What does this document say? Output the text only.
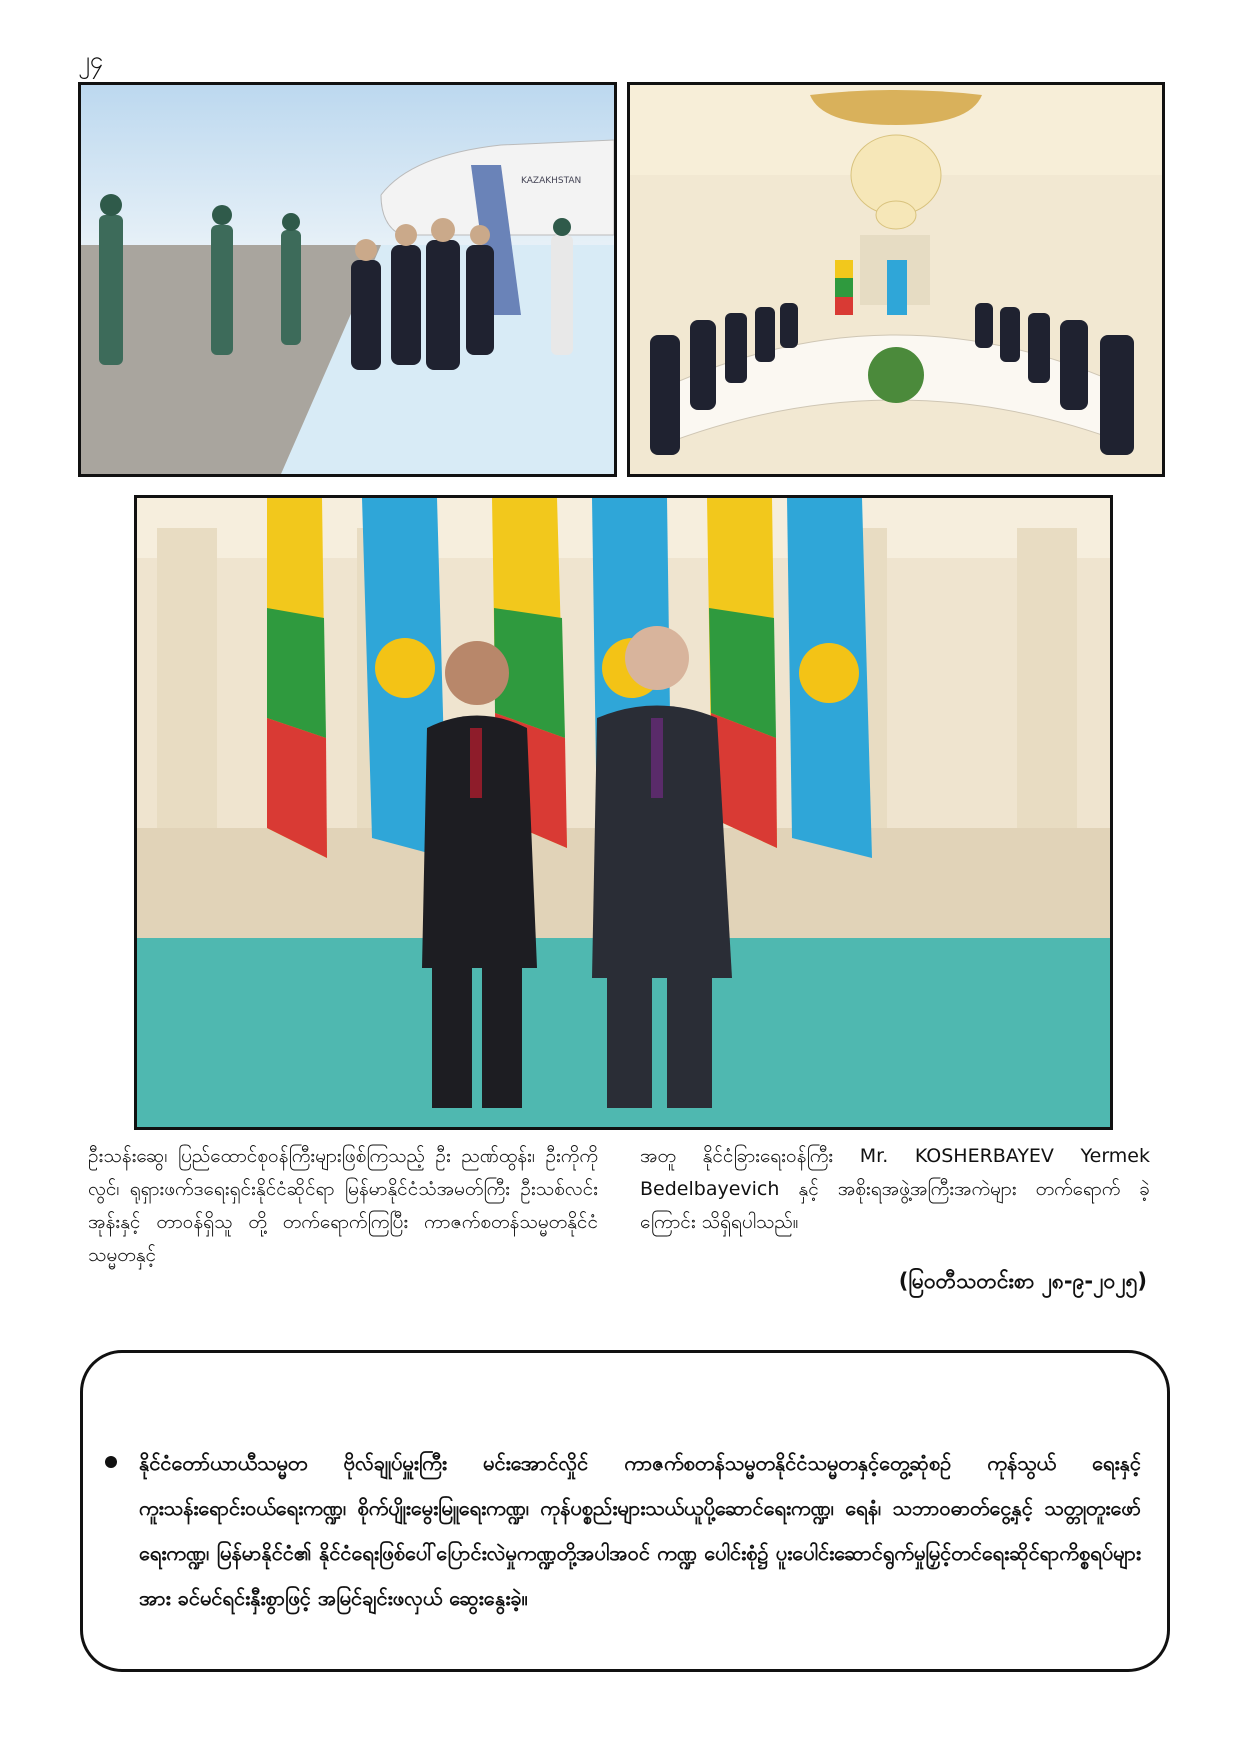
၂၄
KAZAKHSTAN
ဦးသန်းဆွေ၊ ပြည်ထောင်စုဝန်ကြီးများဖြစ်ကြသည့် ဦး ညဏ်ထွန်း၊ ဦးကိုကိုလွင်၊ ရုရှားဖက်ဒရေးရှင်းနိုင်ငံဆိုင်ရာ မြန်မာနိုင်ငံသံအမတ်ကြီး ဦးသစ်လင်းအုန်းနှင့် တာဝန်ရှိသူ တို့ တက်ရောက်ကြပြီး ကာဇက်စတန်သမ္မတနိုင်ငံသမ္မတနှင့်
အတူ နိုင်ငံခြားရေးဝန်ကြီး Mr. KOSHERBAYEV Yermek Bedelbayevich နှင့် အစိုးရအဖွဲ့အကြီးအကဲများ တက်ရောက် ခဲ့ကြောင်း သိရှိရပါသည်။
(မြဝတီသတင်းစာ ၂၈-၉-၂၀၂၅)
နိုင်ငံတော်ယာယီသမ္မတ ဗိုလ်ချုပ်မှူးကြီး မင်းအောင်လှိုင် ကာဇက်စတန်သမ္မတနိုင်ငံသမ္မတနှင့်တွေ့ဆုံစဉ် ကုန်သွယ် ရေးနှင့်ကူးသန်းရောင်းဝယ်ရေးကဏ္ဍ၊ စိုက်ပျိုးမွေးမြူရေးကဏ္ဍ၊ ကုန်ပစ္စည်းများသယ်ယူပို့ဆောင်ရေးကဏ္ဍ၊ ရေနံ၊ သဘာဝဓာတ်ငွေ့နှင့် သတ္တုတူးဖော်ရေးကဏ္ဍ၊ မြန်မာနိုင်ငံ၏ နိုင်ငံရေးဖြစ်ပေါ်ပြောင်းလဲမှုကဏ္ဍတို့အပါအဝင် ကဏ္ဍ ပေါင်းစုံ၌ ပူးပေါင်းဆောင်ရွက်မှုမြှင့်တင်ရေးဆိုင်ရာကိစ္စရပ်များအား ခင်မင်ရင်းနှီးစွာဖြင့် အမြင်ချင်းဖလှယ် ဆွေးနွေးခဲ့။
